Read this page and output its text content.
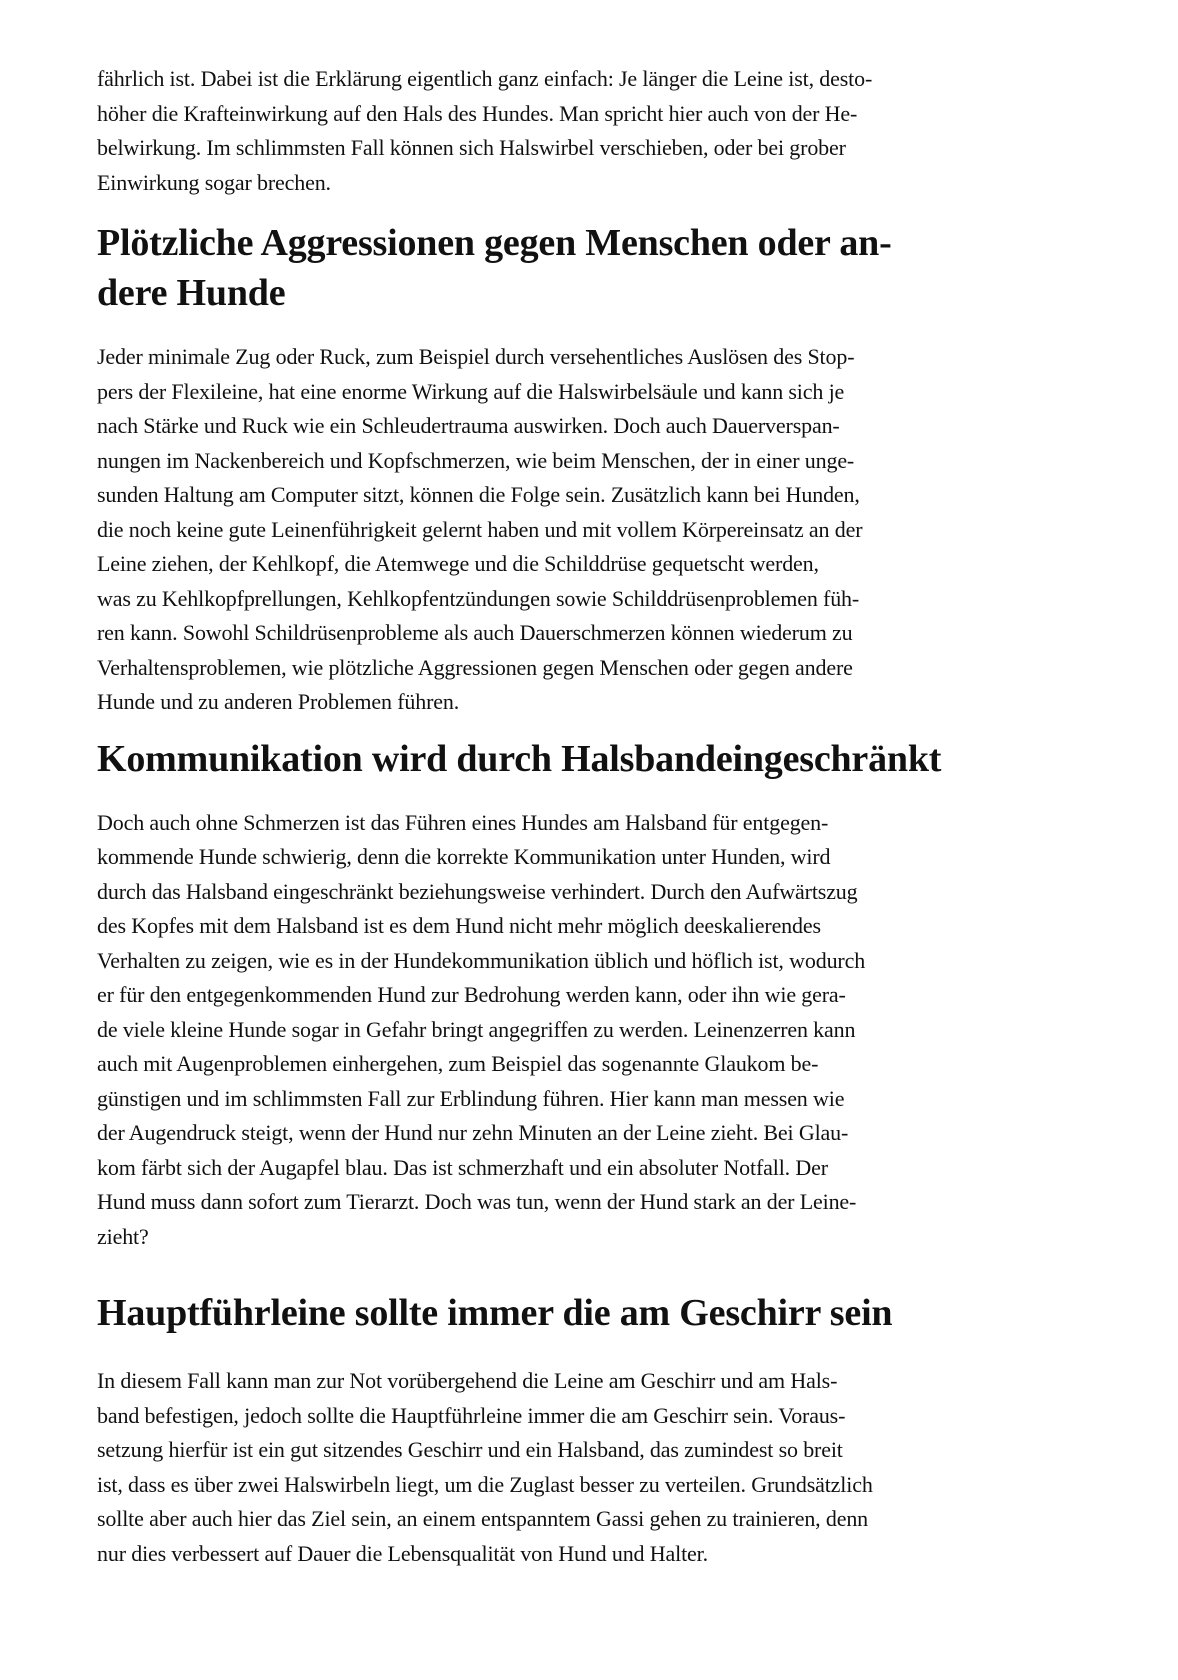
fährlich ist. Dabei ist die Erklärung eigentlich ganz einfach: Je länger die Leine ist, desto-
höher die Krafteinwirkung auf den Hals des Hundes. Man spricht hier auch von der He-
belwirkung. Im schlimmsten Fall können sich Halswirbel verschieben, oder bei grober
Einwirkung sogar brechen.

Plötzliche Aggressionen gegen Menschen oder an-
dere Hunde

Jeder minimale Zug oder Ruck, zum Beispiel durch versehentliches Auslösen des Stop-
pers der Flexileine, hat eine enorme Wirkung auf die Halswirbelsäule und kann sich je
nach Stärke und Ruck wie ein Schleudertrauma auswirken. Doch auch Dauerverspan-
nungen im Nackenbereich und Kopfschmerzen, wie beim Menschen, der in einer unge-
sunden Haltung am Computer sitzt, können die Folge sein. Zusätzlich kann bei Hunden,
die noch keine gute Leinenführigkeit gelernt haben und mit vollem Körpereinsatz an der
Leine ziehen, der Kehlkopf, die Atemwege und die Schilddrüse gequetscht werden,
was zu Kehlkopfprellungen, Kehlkopfentzündungen sowie Schilddrüsenproblemen füh-
ren kann. Sowohl Schildrüsenprobleme als auch Dauerschmerzen können wiederum zu
Verhaltensproblemen, wie plötzliche Aggressionen gegen Menschen oder gegen andere
Hunde und zu anderen Problemen führen.

Kommunikation wird durch Halsbandeingeschränkt

Doch auch ohne Schmerzen ist das Führen eines Hundes am Halsband für entgegen-
kommende Hunde schwierig, denn die korrekte Kommunikation unter Hunden, wird
durch das Halsband eingeschränkt beziehungsweise verhindert. Durch den Aufwärtszug
des Kopfes mit dem Halsband ist es dem Hund nicht mehr möglich deeskalierendes
Verhalten zu zeigen, wie es in der Hundekommunikation üblich und höflich ist, wodurch
er für den entgegenkommenden Hund zur Bedrohung werden kann, oder ihn wie gera-
de viele kleine Hunde sogar in Gefahr bringt angegriffen zu werden. Leinenzerren kann
auch mit Augenproblemen einhergehen, zum Beispiel das sogenannte Glaukom be-
günstigen und im schlimmsten Fall zur Erblindung führen. Hier kann man messen wie
der Augendruck steigt, wenn der Hund nur zehn Minuten an der Leine zieht. Bei Glau-
kom färbt sich der Augapfel blau. Das ist schmerzhaft und ein absoluter Notfall. Der
Hund muss dann sofort zum Tierarzt. Doch was tun, wenn der Hund stark an der Leine-
zieht?

Hauptführleine sollte immer die am Geschirr sein

In diesem Fall kann man zur Not vorübergehend die Leine am Geschirr und am Hals-
band befestigen, jedoch sollte die Hauptführleine immer die am Geschirr sein. Voraus-
setzung hierfür ist ein gut sitzendes Geschirr und ein Halsband, das zumindest so breit
ist, dass es über zwei Halswirbeln liegt, um die Zuglast besser zu verteilen. Grundsätzlich
sollte aber auch hier das Ziel sein, an einem entspanntem Gassi gehen zu trainieren, denn
nur dies verbessert auf Dauer die Lebensqualität von Hund und Halter.
